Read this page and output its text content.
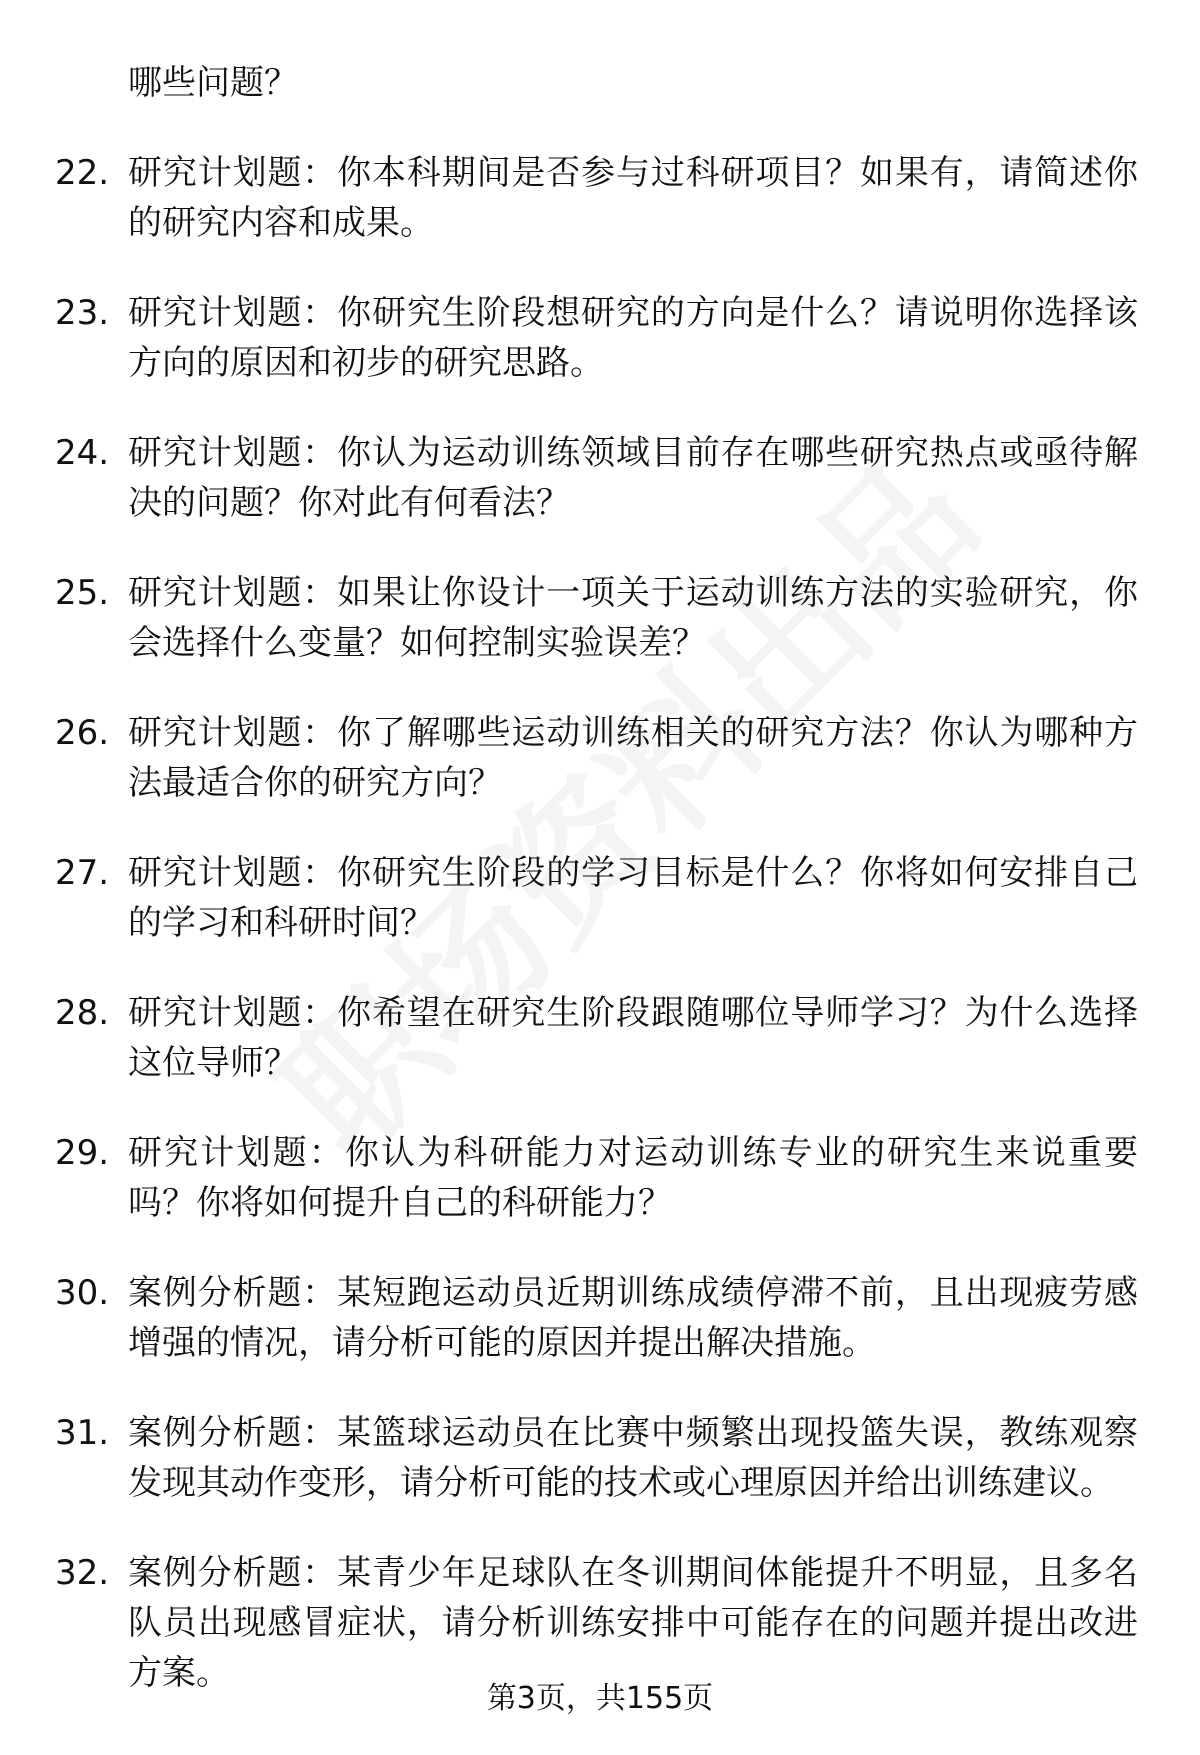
哪些问题？
22. 研究计划题：你本科期间是否参与过科研项目？如果有，请简述你的研究内容和成果。
23. 研究计划题：你研究生阶段想研究的方向是什么？请说明你选择该方向的原因和初步的研究思路。
24. 研究计划题：你认为运动训练领域目前存在哪些研究热点或亟待解决的问题？你对此有何看法？
25. 研究计划题：如果让你设计一项关于运动训练方法的实验研究，你会选择什么变量？如何控制实验误差？
26. 研究计划题：你了解哪些运动训练相关的研究方法？你认为哪种方法最适合你的研究方向？
27. 研究计划题：你研究生阶段的学习目标是什么？你将如何安排自己的学习和科研时间？
28. 研究计划题：你希望在研究生阶段跟随哪位导师学习？为什么选择这位导师？
29. 研究计划题：你认为科研能力对运动训练专业的研究生来说重要吗？你将如何提升自己的科研能力？
30. 案例分析题：某短跑运动员近期训练成绩停滞不前，且出现疲劳感增强的情况，请分析可能的原因并提出解决措施。
31. 案例分析题：某篮球运动员在比赛中频繁出现投篮失误，教练观察发现其动作变形，请分析可能的技术或心理原因并给出训练建议。
32. 案例分析题：某青少年足球队在冬训期间体能提升不明显，且多名队员出现感冒症状，请分析训练安排中可能存在的问题并提出改进方案。
第3页，共155页
